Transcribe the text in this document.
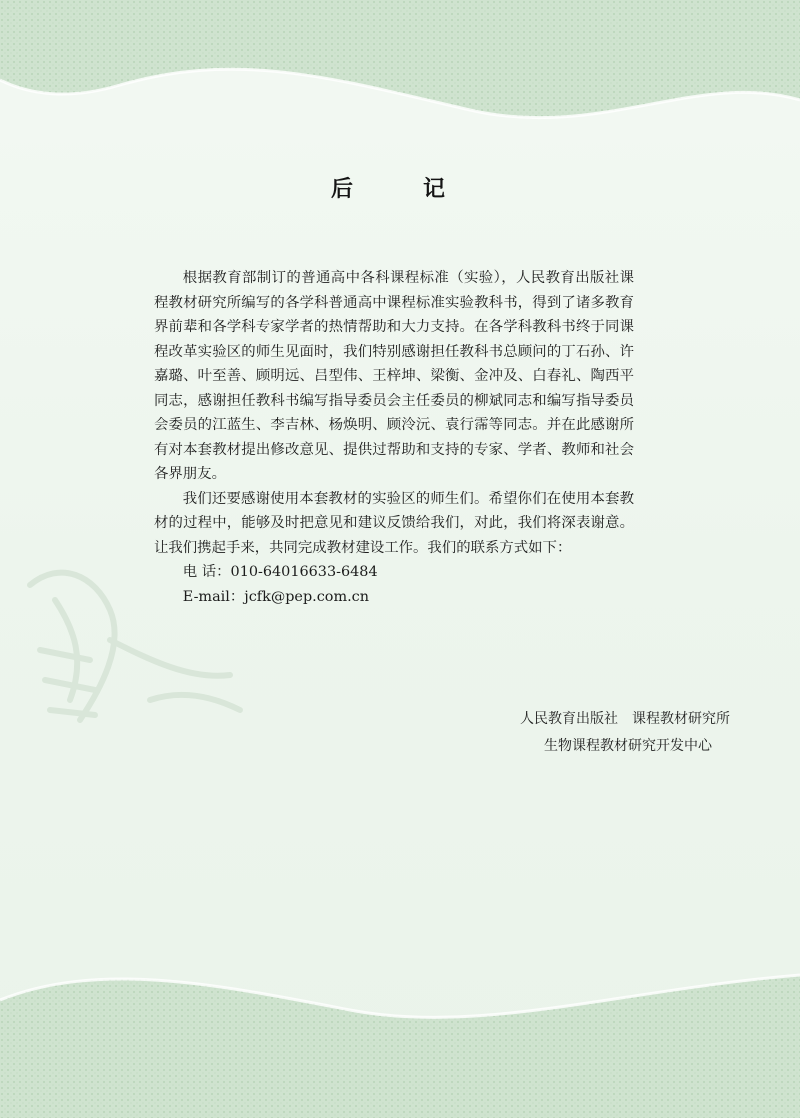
后　记

根据教育部制订的普通高中各科课程标准（实验），人民教育出版社课程教材研究所编写的各学科普通高中课程标准实验教科书，得到了诸多教育界前辈和各学科专家学者的热情帮助和大力支持。在各学科教科书终于同课程改革实验区的师生见面时，我们特别感谢担任教科书总顾问的丁石孙、许嘉璐、叶至善、顾明远、吕型伟、王梓坤、梁衡、金冲及、白春礼、陶西平同志，感谢担任教科书编写指导委员会主任委员的柳斌同志和编写指导委员会委员的江蓝生、李吉林、杨焕明、顾泠沅、袁行霈等同志。并在此感谢所有对本套教材提出修改意见、提供过帮助和支持的专家、学者、教师和社会各界朋友。

我们还要感谢使用本套教材的实验区的师生们。希望你们在使用本套教材的过程中，能够及时把意见和建议反馈给我们，对此，我们将深表谢意。让我们携起手来，共同完成教材建设工作。我们的联系方式如下：

电 话：010-64016633-6484

E-mail：jcfk@pep.com.cn

人民教育出版社　课程教材研究所
生物课程教材研究开发中心
